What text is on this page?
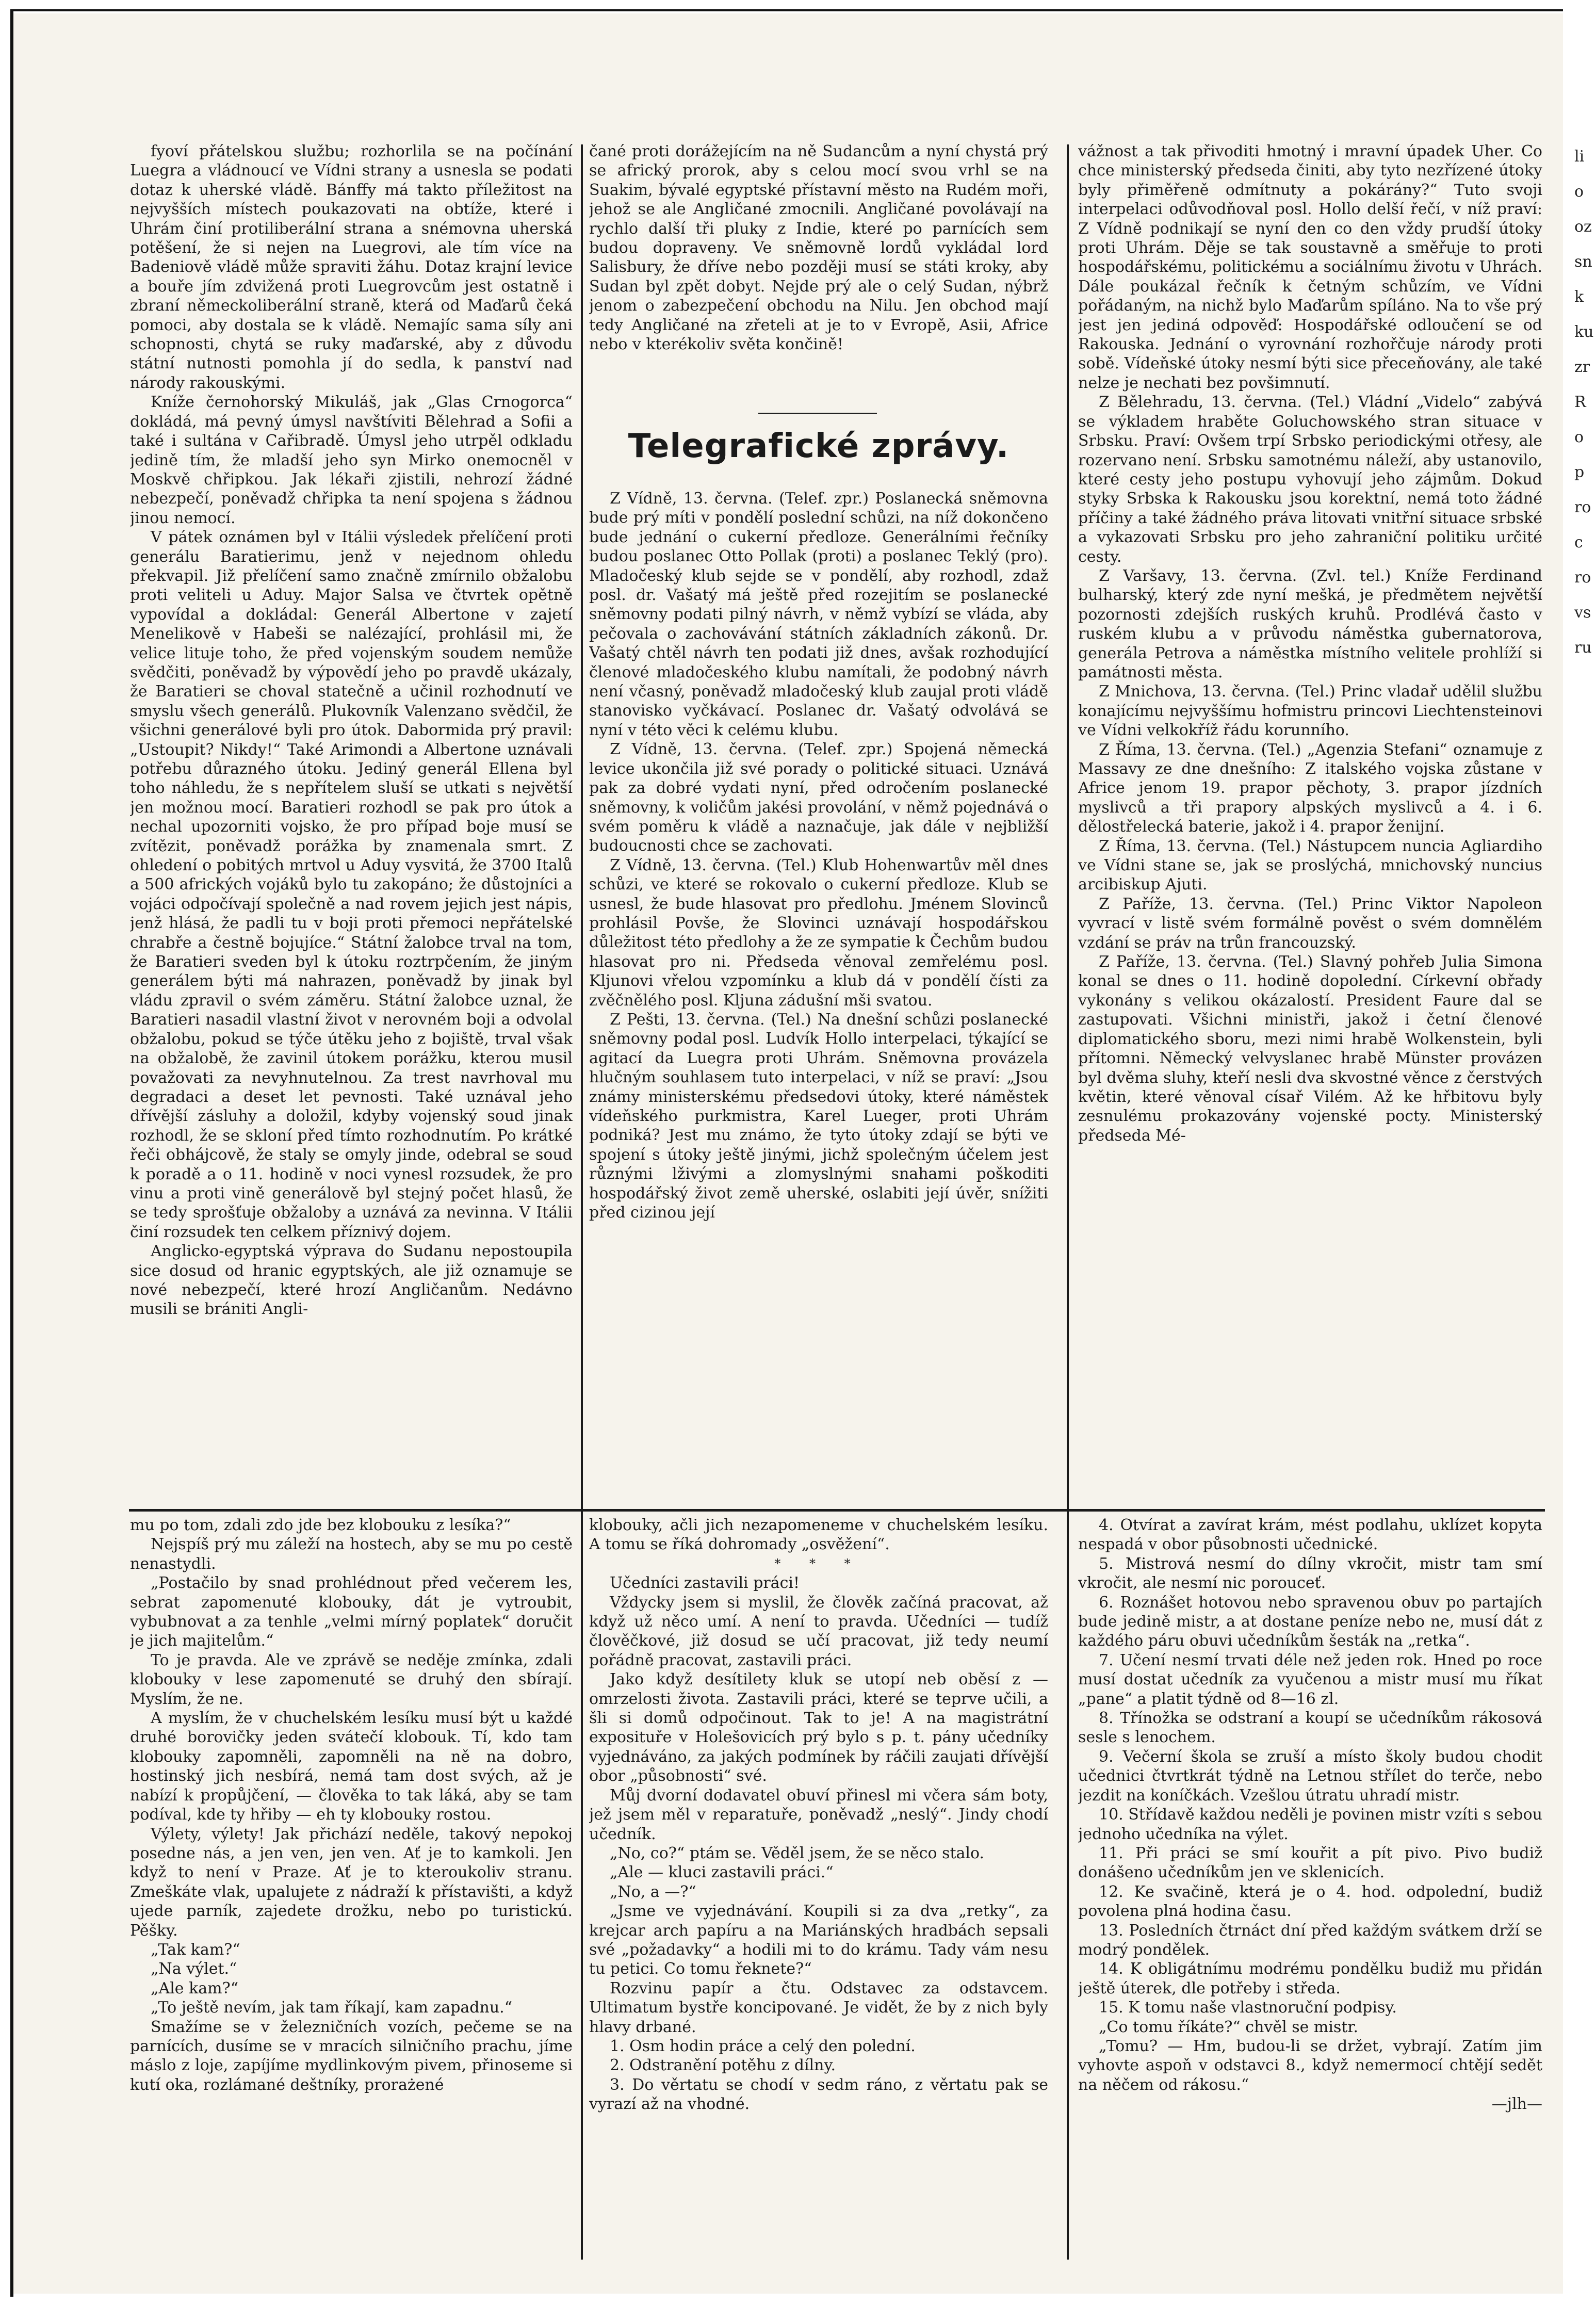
fyoví přátelskou službu; rozhorlila se na počínání Luegra a vládnoucí ve Vídni strany a usnesla se podati dotaz k uherské vládě. Bánffy má takto příležitost na nejvyšších místech poukazovati na obtíže, které i Uhrám činí protiliberální strana a snémovna uherská potěšení, že si nejen na Luegrovi, ale tím více na Badeniově vládě může spraviti žáhu. Dotaz krajní levice a bouře jím zdvižená proti Luegrovcům jest ostatně i zbraní německoliberální straně, která od Maďarů čeká pomoci, aby dostala se k vládě. Nemajíc sama síly ani schopnosti, chytá se ruky maďarské, aby z důvodu státní nutnosti pomohla jí do sedla, k panství nad národy rakouskými.

Kníže černohorský Mikuláš, jak „Glas Crnogorca“ dokládá, má pevný úmysl navštíviti Bělehrad a Sofii a také i sultána v Cařibradě. Úmysl jeho utrpěl odkladu jedině tím, že mladší jeho syn Mirko onemocněl v Moskvě chřipkou. Jak lékaři zjistili, nehrozí žádné nebezpečí, poněvadž chřipka ta není spojena s žádnou jinou nemocí.

V pátek oznámen byl v Itálii výsledek přelíčení proti generálu Baratierimu, jenž v nejednom ohledu překvapil. Již přelíčení samo značně zmírnilo obžalobu proti veliteli u Aduy. Major Salsa ve čtvrtek opětně vypovídal a dokládal: Generál Albertone v zajetí Menelikově v Habeši se nalézající, prohlásil mi, že velice lituje toho, že před vojenským soudem nemůže svědčiti, poněvadž by výpovědí jeho po pravdě ukázaly, že Baratieri se choval statečně a učinil rozhodnutí ve smyslu všech generálů. Plukovník Valenzano svědčil, že všichni generálové byli pro útok. Dabormida prý pravil: „Ustoupit? Nikdy!“ Také Arimondi a Albertone uznávali potřebu důrazného útoku. Jediný generál Ellena byl toho náhledu, že s nepřítelem sluší se utkati s největší jen možnou mocí. Baratieri rozhodl se pak pro útok a nechal upozorniti vojsko, že pro případ boje musí se zvítězit, poněvadž porážka by znamenala smrt. Z ohledení o pobitých mrtvol u Aduy vysvitá, že 3700 Italů a 500 afrických vojáků bylo tu zakopáno; že důstojníci a vojáci odpočívají společně a nad rovem jejich jest nápis, jenž hlásá, že padli tu v boji proti přemoci nepřátelské chrabře a čestně bojujíce.“ Státní žalobce trval na tom, že Baratieri sveden byl k útoku roztrpčením, že jiným generálem býti má nahrazen, poněvadž by jinak byl vládu zpravil o svém záměru. Státní žalobce uznal, že Baratieri nasadil vlastní život v nerovném boji a odvolal obžalobu, pokud se týče útěku jeho z bojiště, trval však na obžalobě, že zavinil útokem porážku, kterou musil považovati za nevyhnutelnou. Za trest navrhoval mu degradaci a deset let pevnosti. Také uznával jeho dřívější zásluhy a doložil, kdyby vojenský soud jinak rozhodl, že se skloní před tímto rozhodnutím. Po krátké řeči obhájcově, že staly se omyly jinde, odebral se soud k poradě a o 11. hodině v noci vynesl rozsudek, že pro vinu a proti vině generálově byl stejný počet hlasů, že se tedy sprošťuje obžaloby a uznává za nevinna. V Itálii činí rozsudek ten celkem příznivý dojem.

Anglicko-egyptská výprava do Sudanu nepostoupila sice dosud od hranic egyptských, ale již oznamuje se nové nebezpečí, které hrozí Angličanům. Nedávno musili se brániti Angli-

čané proti dorážejícím na ně Sudancům a nyní chystá prý se africký prorok, aby s celou mocí svou vrhl se na Suakim, bývalé egyptské přístavní město na Rudém moři, jehož se ale Angličané zmocnili. Angličané povolávají na rychlo další tři pluky z Indie, které po parnících sem budou dopraveny. Ve sněmovně lordů vykládal lord Salisbury, že dříve nebo později musí se státi kroky, aby Sudan byl zpět dobyt. Nejde prý ale o celý Sudan, nýbrž jenom o zabezpečení obchodu na Nilu. Jen obchod mají tedy Angličané na zřeteli at je to v Evropě, Asii, Africe nebo v kterékoliv světa končině!

Telegrafické zprávy.

Z Vídně, 13. června. (Telef. zpr.) Poslanecká sněmovna bude prý míti v pondělí poslední schůzi, na níž dokončeno bude jednání o cukerní předloze. Generálními řečníky budou poslanec Otto Pollak (proti) a poslanec Teklý (pro). Mladočeský klub sejde se v pondělí, aby rozhodl, zdaž posl. dr. Vašatý má ještě před rozejitím se poslanecké sněmovny podati pilný návrh, v němž vybízí se vláda, aby pečovala o zachovávání státních základních zákonů. Dr. Vašatý chtěl návrh ten podati již dnes, avšak rozhodující členové mladočeského klubu namítali, že podobný návrh není včasný, poněvadž mladočeský klub zaujal proti vládě stanovisko vyčkávací. Poslanec dr. Vašatý odvolává se nyní v této věci k celému klubu.

Z Vídně, 13. června. (Telef. zpr.) Spojená německá levice ukončila již své porady o politické situaci. Uznává pak za dobré vydati nyní, před odročením poslanecké sněmovny, k voličům jakési provolání, v němž pojednává o svém poměru k vládě a naznačuje, jak dále v nejbližší budoucnosti chce se zachovati.

Z Vídně, 13. června. (Tel.) Klub Hohenwartův měl dnes schůzi, ve které se rokovalo o cukerní předloze. Klub se usnesl, že bude hlasovat pro předlohu. Jménem Slovinců prohlásil Povše, že Slovinci uznávají hospodářskou důležitost této předlohy a že ze sympatie k Čechům budou hlasovat pro ni. Předseda věnoval zemřelému posl. Kljunovi vřelou vzpomínku a klub dá v pondělí čísti za zvěčnělého posl. Kljuna zádušní mši svatou.

Z Pešti, 13. června. (Tel.) Na dnešní schůzi poslanecké sněmovny podal posl. Ludvík Hollo interpelaci, týkající se agitací da Luegra proti Uhrám. Sněmovna provázela hlučným souhlasem tuto interpelaci, v níž se praví: „Jsou známy ministerskému předsedovi útoky, které náměstek vídeňského purkmistra, Karel Lueger, proti Uhrám podniká? Jest mu známo, že tyto útoky zdají se býti ve spojení s útoky ještě jinými, jichž společným účelem jest různými lživými a zlomyslnými snahami poškoditi hospodářský život země uherské, oslabiti její úvěr, snížiti před cizinou její

vážnost a tak přivoditi hmotný i mravní úpadek Uher. Co chce ministerský předseda činiti, aby tyto nezřízené útoky byly přiměřeně odmítnuty a pokárány?“ Tuto svoji interpelaci odůvodňoval posl. Hollo delší řečí, v níž praví: Z Vídně podnikají se nyní den co den vždy prudší útoky proti Uhrám. Děje se tak soustavně a směřuje to proti hospodářskému, politickému a sociálnímu životu v Uhrách. Dále poukázal řečník k četným schůzím, ve Vídni pořádaným, na nichž bylo Maďarům spíláno. Na to vše prý jest jen jediná odpověď: Hospodářské odloučení se od Rakouska. Jednání o vyrovnání rozhořčuje národy proti sobě. Vídeňské útoky nesmí býti sice přeceňovány, ale také nelze je nechati bez povšimnutí.

Z Bělehradu, 13. června. (Tel.) Vládní „Videlo“ zabývá se výkladem hraběte Goluchowského stran situace v Srbsku. Praví: Ovšem trpí Srbsko periodickými otřesy, ale rozervano není. Srbsku samotnému náleží, aby ustanovilo, které cesty jeho postupu vyhovují jeho zájmům. Dokud styky Srbska k Rakousku jsou korektní, nemá toto žádné příčiny a také žádného práva litovati vnitřní situace srbské a vykazovati Srbsku pro jeho zahraniční politiku určité cesty.

Z Varšavy, 13. června. (Zvl. tel.) Kníže Ferdinand bulharský, který zde nyní mešká, je předmětem největší pozornosti zdejších ruských kruhů. Prodlévá často v ruském klubu a v průvodu náměstka gubernatorova, generála Petrova a náměstka místního velitele prohlíží si památnosti města.

Z Mnichova, 13. června. (Tel.) Princ vladař udělil službu konajícímu nejvyššímu hofmistru princovi Liechtensteinovi ve Vídni velkokříž řádu korunního.

Z Říma, 13. června. (Tel.) „Agenzia Stefani“ oznamuje z Massavy ze dne dnešního: Z italského vojska zůstane v Africe jenom 19. prapor pěchoty, 3. prapor jízdních myslivců a tři prapory alpských myslivců a 4. i 6. dělostřelecká baterie, jakož i 4. prapor ženijní.

Z Říma, 13. června. (Tel.) Nástupcem nuncia Agliardiho ve Vídni stane se, jak se proslýchá, mnichovský nuncius arcibiskup Ajuti.

Z Paříže, 13. června. (Tel.) Princ Viktor Napoleon vyvrací v listě svém formálně pověst o svém domnělém vzdání se práv na trůn francouzský.

Z Paříže, 13. června. (Tel.) Slavný pohřeb Julia Simona konal se dnes o 11. hodině dopolední. Církevní obřady vykonány s velikou okázalostí. President Faure dal se zastupovati. Všichni ministři, jakož i četní členové diplomatického sboru, mezi nimi hrabě Wolkenstein, byli přítomni. Německý velvyslanec hrabě Münster provázen byl dvěma sluhy, kteří nesli dva skvostné věnce z čerstvých květin, které věnoval císař Vilém. Až ke hřbitovu byly zesnulému prokazovány vojenské pocty. Ministerský předseda Mé-

mu po tom, zdali zdo jde bez klobouku z lesíka?“

Nejspíš prý mu záleží na hostech, aby se mu po cestě nenastydli.

„Postačilo by snad prohlédnout před večerem les, sebrat zapomenuté klobouky, dát je vytroubit, vybubnovat a za tenhle „velmi mírný poplatek“ doručit je jich majitelům.“

To je pravda. Ale ve zprávě se neděje zmínka, zdali klobouky v lese zapomenuté se druhý den sbírají. Myslím, že ne.

A myslím, že v chuchelském lesíku musí být u každé druhé borovičky jeden svátečí klobouk. Tí, kdo tam klobouky zapomněli, zapomněli na ně na dobro, hostinský jich nesbírá, nemá tam dost svých, až je nabízí k propůjčení, — člověka to tak láká, aby se tam podíval, kde ty hřiby — eh ty klobouky rostou.

Výlety, výlety! Jak přichází neděle, takový nepokoj posedne nás, a jen ven, jen ven. Ať je to kamkoli. Jen když to není v Praze. Ať je to kteroukoliv stranu. Zmeškáte vlak, upalujete z nádraží k přístavišti, a když ujede parník, zajedete drožku, nebo po turistickú. Pěšky.

„Tak kam?“

„Na výlet.“

„Ale kam?“

„To ještě nevím, jak tam říkají, kam zapadnu.“

Smažíme se v železničních vozích, pečeme se na parnících, dusíme se v mracích silničního prachu, jíme máslo z loje, zapíjíme mydlinkovým pivem, přinoseme si kutí oka, rozlámané deštníky, prorażené

klobouky, ačli jich nezapomeneme v chuchelském lesíku. A tomu se říká dohromady „osvěžení“.

* * *

Učedníci zastavili práci!

Vždycky jsem si myslil, že člověk začíná pracovat, až když už něco umí. A není to pravda. Učedníci — tudíž člověčkové, již dosud se učí pracovat, již tedy neumí pořádně pracovat, zastavili práci.

Jako když desítilety kluk se utopí neb oběsí z — omrzelosti života. Zastavili práci, které se teprve učili, a šli si domů odpočinout. Tak to je! A na magistrátní exposituře v Holešovicích prý bylo s p. t. pány učedníky vyjednáváno, za jakých podmínek by ráčili zaujati dřívější obor „působnosti“ své.

Můj dvorní dodavatel obuví přinesl mi včera sám boty, jež jsem měl v reparatuře, poněvadž „neslý“. Jindy chodí učedník.

„No, co?“ ptám se. Věděl jsem, že se něco stalo.

„Ale — kluci zastavili práci.“

„No, a —?“

„Jsme ve vyjednávání. Koupili si za dva „retky“, za krejcar arch papíru a na Mariánských hradbách sepsali své „požadavky“ a hodili mi to do krámu. Tady vám nesu tu petici. Co tomu řeknete?“

Rozvinu papír a čtu. Odstavec za odstavcem. Ultimatum bystře koncipované. Je vidět, že by z nich byly hlavy drbané.

1. Osm hodin práce a celý den polední.

2. Odstranění potěhu z dílny.

3. Do věrtatu se chodí v sedm ráno, z věrtatu pak se vyrazí až na vhodné.

4. Otvírat a zavírat krám, mést podlahu, uklízet kopyta nespadá v obor působnosti učednické.

5. Mistrová nesmí do dílny vkročit, mistr tam smí vkročit, ale nesmí nic porouceť.

6. Roznášet hotovou nebo spravenou obuv po partajích bude jedině mistr, a at dostane peníze nebo ne, musí dát z každého páru obuvi učedníkům šesták na „retka“.

7. Učení nesmí trvati déle než jeden rok. Hned po roce musí dostat učedník za vyučenou a mistr musí mu říkat „pane“ a platit týdně od 8—16 zl.

8. Třínožka se odstraní a koupí se učedníkům rákosová sesle s lenochem.

9. Večerní škola se zruší a místo školy budou chodit učednici čtvrtkrát týdně na Letnou střílet do terče, nebo jezdit na koníčkách. Vzešlou útratu uhradí mistr.

10. Střídavě každou neděli je povinen mistr vzíti s sebou jednoho učedníka na výlet.

11. Při práci se smí kouřit a pít pivo. Pivo budiž donášeno učedníkům jen ve sklenicích.

12. Ke svačině, která je o 4. hod. odpolední, budiž povolena plná hodina času.

13. Posledních čtrnáct dní před každým svátkem drží se modrý pondělek.

14. K obligátnímu modrému pondělku budiž mu přidán ještě úterek, dle potřeby i středa.

15. K tomu naše vlastnoruční podpisy.

„Co tomu říkáte?“ chvěl se mistr.

„Tomu? — Hm, budou-li se držet, vybrají. Zatím jim vyhovte aspoň v odstavci 8., když nemermocí chtějí sedět na něčem od rákosu.“

—jlh—

li
o
oz
sn
k
ku
zr
R
o
p
ro
c
ro
vs
ru
